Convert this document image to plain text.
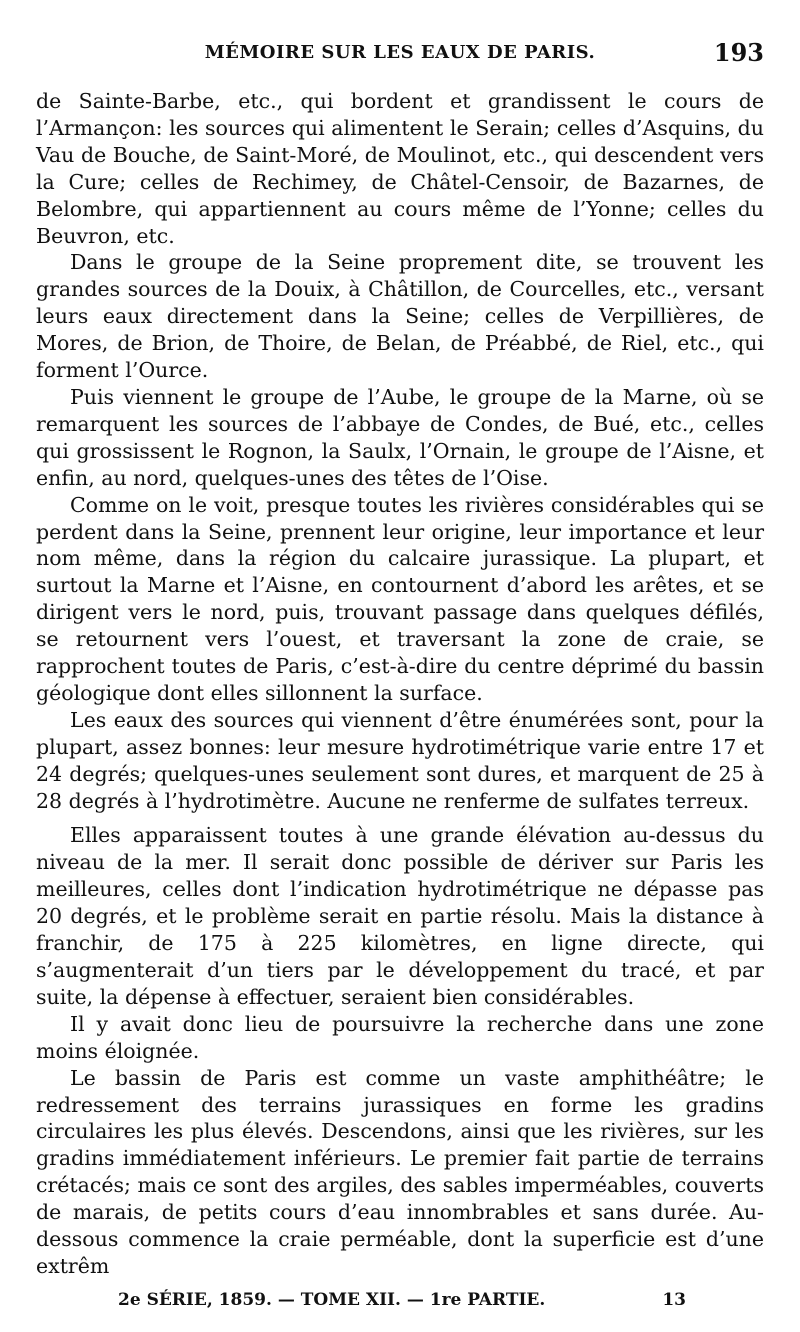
MÉMOIRE SUR LES EAUX DE PARIS.	193

de Sainte-Barbe, etc., qui bordent et grandissent le cours de l’Armançon: les sources qui alimentent le Serain; celles d’Asquins, du Vau de Bouche, de Saint-Moré, de Moulinot, etc., qui descendent vers la Cure; celles de Rechimey, de Châtel-Censoir, de Bazarnes, de Belombre, qui appartiennent au cours même de l’Yonne; celles du Beuvron, etc.

Dans le groupe de la Seine proprement dite, se trouvent les grandes sources de la Douix, à Châtillon, de Courcelles, etc., versant leurs eaux directement dans la Seine; celles de Verpillières, de Mores, de Brion, de Thoire, de Belan, de Préabbé, de Riel, etc., qui forment l’Ource.

Puis viennent le groupe de l’Aube, le groupe de la Marne, où se remarquent les sources de l’abbaye de Condes, de Bué, etc., celles qui grossissent le Rognon, la Saulx, l’Ornain, le groupe de l’Aisne, et enfin, au nord, quelques-unes des têtes de l’Oise.

Comme on le voit, presque toutes les rivières considérables qui se perdent dans la Seine, prennent leur origine, leur importance et leur nom même, dans la région du calcaire jurassique. La plupart, et surtout la Marne et l’Aisne, en contournent d’abord les arêtes, et se dirigent vers le nord, puis, trouvant passage dans quelques défilés, se retournent vers l’ouest, et traversant la zone de craie, se rapprochent toutes de Paris, c’est-à-dire du centre déprimé du bassin géologique dont elles sillonnent la surface.

Les eaux des sources qui viennent d’être énumérées sont, pour la plupart, assez bonnes: leur mesure hydrotimétrique varie entre 17 et 24 degrés; quelques-unes seulement sont dures, et marquent de 25 à 28 degrés à l’hydrotimètre. Aucune ne renferme de sulfates terreux.

Elles apparaissent toutes à une grande élévation au-dessus du niveau de la mer. Il serait donc possible de dériver sur Paris les meilleures, celles dont l’indication hydrotimétrique ne dépasse pas 20 degrés, et le problème serait en partie résolu. Mais la distance à franchir, de 175 à 225 kilomètres, en ligne directe, qui s’augmenterait d’un tiers par le développement du tracé, et par suite, la dépense à effectuer, seraient bien considérables.

Il y avait donc lieu de poursuivre la recherche dans une zone moins éloignée.

Le bassin de Paris est comme un vaste amphithéâtre; le redressement des terrains jurassiques en forme les gradins circulaires les plus élevés. Descendons, ainsi que les rivières, sur les gradins immédiatement inférieurs. Le premier fait partie de terrains crétacés; mais ce sont des argiles, des sables imperméables, couverts de marais, de petits cours d’eau innombrables et sans durée. Au-dessous commence la craie perméable, dont la superficie est d’une extrêm

2e SÉRIE, 1859. — TOME XII. — 1re PARTIE.	13
